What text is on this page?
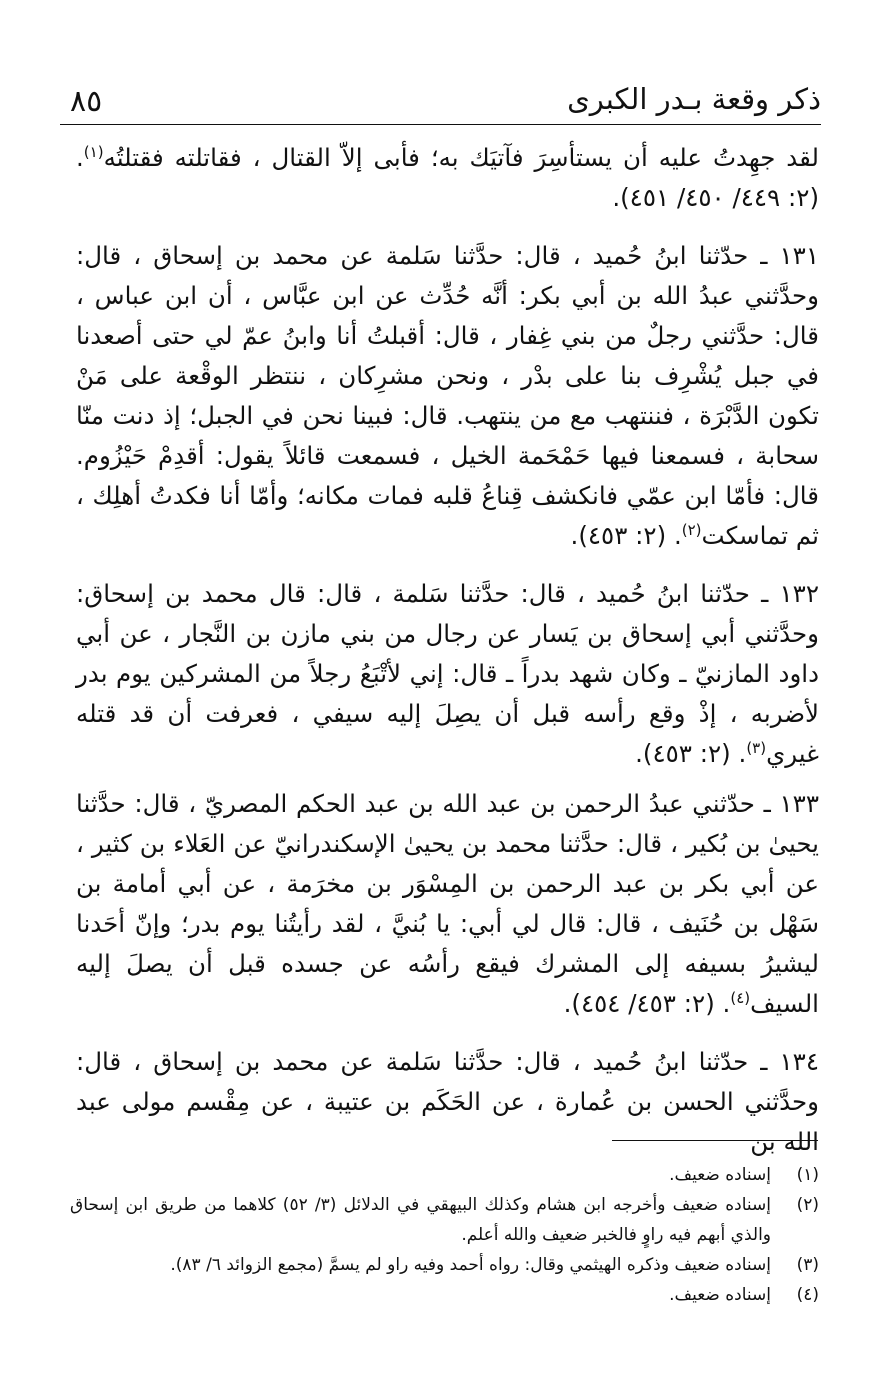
٨٥	ذكر وقعة بـدر الكبرى

لقد جهِدتُ عليه أن يستأسِرَ فآتيَك به؛ فأبى إلاّ القتال ، فقاتلته فقتلتُه$^{(١)}$. (٢: ٤٤٩/ ٤٥٠/ ٤٥١).

١٣١ ـ حدّثنا ابنُ حُميد ، قال: حدَّثنا سَلمة عن محمد بن إسحاق ، قال: وحدَّثني عبدُ الله بن أبي بكر: أنَّه حُدِّث عن ابن عبَّاس ، أن ابن عباس ، قال: حدَّثني رجلٌ من بني غِفار ، قال: أقبلتُ أنا وابنُ عمّ لي حتى أصعدنا في جبل يُشْرِف بنا على بدْر ، ونحن مشرِكان ، ننتظر الوقْعة على مَنْ تكون الدَّبْرَة ، فننتهب مع من ينتهب. قال: فبينا نحن في الجبل؛ إذ دنت منّا سحابة ، فسمعنا فيها حَمْحَمة الخيل ، فسمعت قائلاً يقول: أقدِمْ حَيْزُوم. قال: فأمّا ابن عمّي فانكشف قِناعُ قلبه فمات مكانه؛ وأمّا أنا فكدتُ أهلِك ، ثم تماسكت$^{(٢)}$. (٢: ٤٥٣).

١٣٢ ـ حدّثنا ابنُ حُميد ، قال: حدَّثنا سَلمة ، قال: قال محمد بن إسحاق: وحدَّثني أبي إسحاق بن يَسار عن رجال من بني مازن بن النَّجار ، عن أبي داود المازنيّ ـ وكان شهد بدراً ـ قال: إني لأتْبَعُ رجلاً من المشركين يوم بدر لأضربه ، إذْ وقع رأسه قبل أن يصِلَ إليه سيفي ، فعرفت أن قد قتله غيري$^{(٣)}$. (٢: ٤٥٣).

١٣٣ ـ حدّثني عبدُ الرحمن بن عبد الله بن عبد الحكم المصريّ ، قال: حدَّثنا يحيىٰ بن بُكير ، قال: حدَّثنا محمد بن يحيىٰ الإسكندرانيّ عن العَلاء بن كثير ، عن أبي بكر بن عبد الرحمن بن المِسْوَر بن مخرَمة ، عن أبي أمامة بن سَهْل بن حُنَيف ، قال: قال لي أبي: يا بُنيَّ ، لقد رأيتُنا يوم بدر؛ وإنّ أحَدنا ليشيرُ بسيفه إلى المشرك فيقع رأسُه عن جسده قبل أن يصلَ إليه السيف$^{(٤)}$. (٢: ٤٥٣/ ٤٥٤).

١٣٤ ـ حدّثنا ابنُ حُميد ، قال: حدَّثنا سَلمة عن محمد بن إسحاق ، قال: وحدَّثني الحسن بن عُمارة ، عن الحَكَم بن عتيبة ، عن مِقْسم مولى عبد الله بن

(١)
إسناده ضعيف.
(٢)
إسناده ضعيف وأخرجه ابن هشام وكذلك البيهقي في الدلائل (٣/ ٥٢) كلاهما من طريق ابن إسحاق والذي أبهم فيه راوٍ فالخبر ضعيف والله أعلم.
(٣)
إسناده ضعيف وذكره الهيثمي وقال: رواه أحمد وفيه راو لم يسمَّ (مجمع الزوائد ٦/ ٨٣).
(٤)
إسناده ضعيف.
